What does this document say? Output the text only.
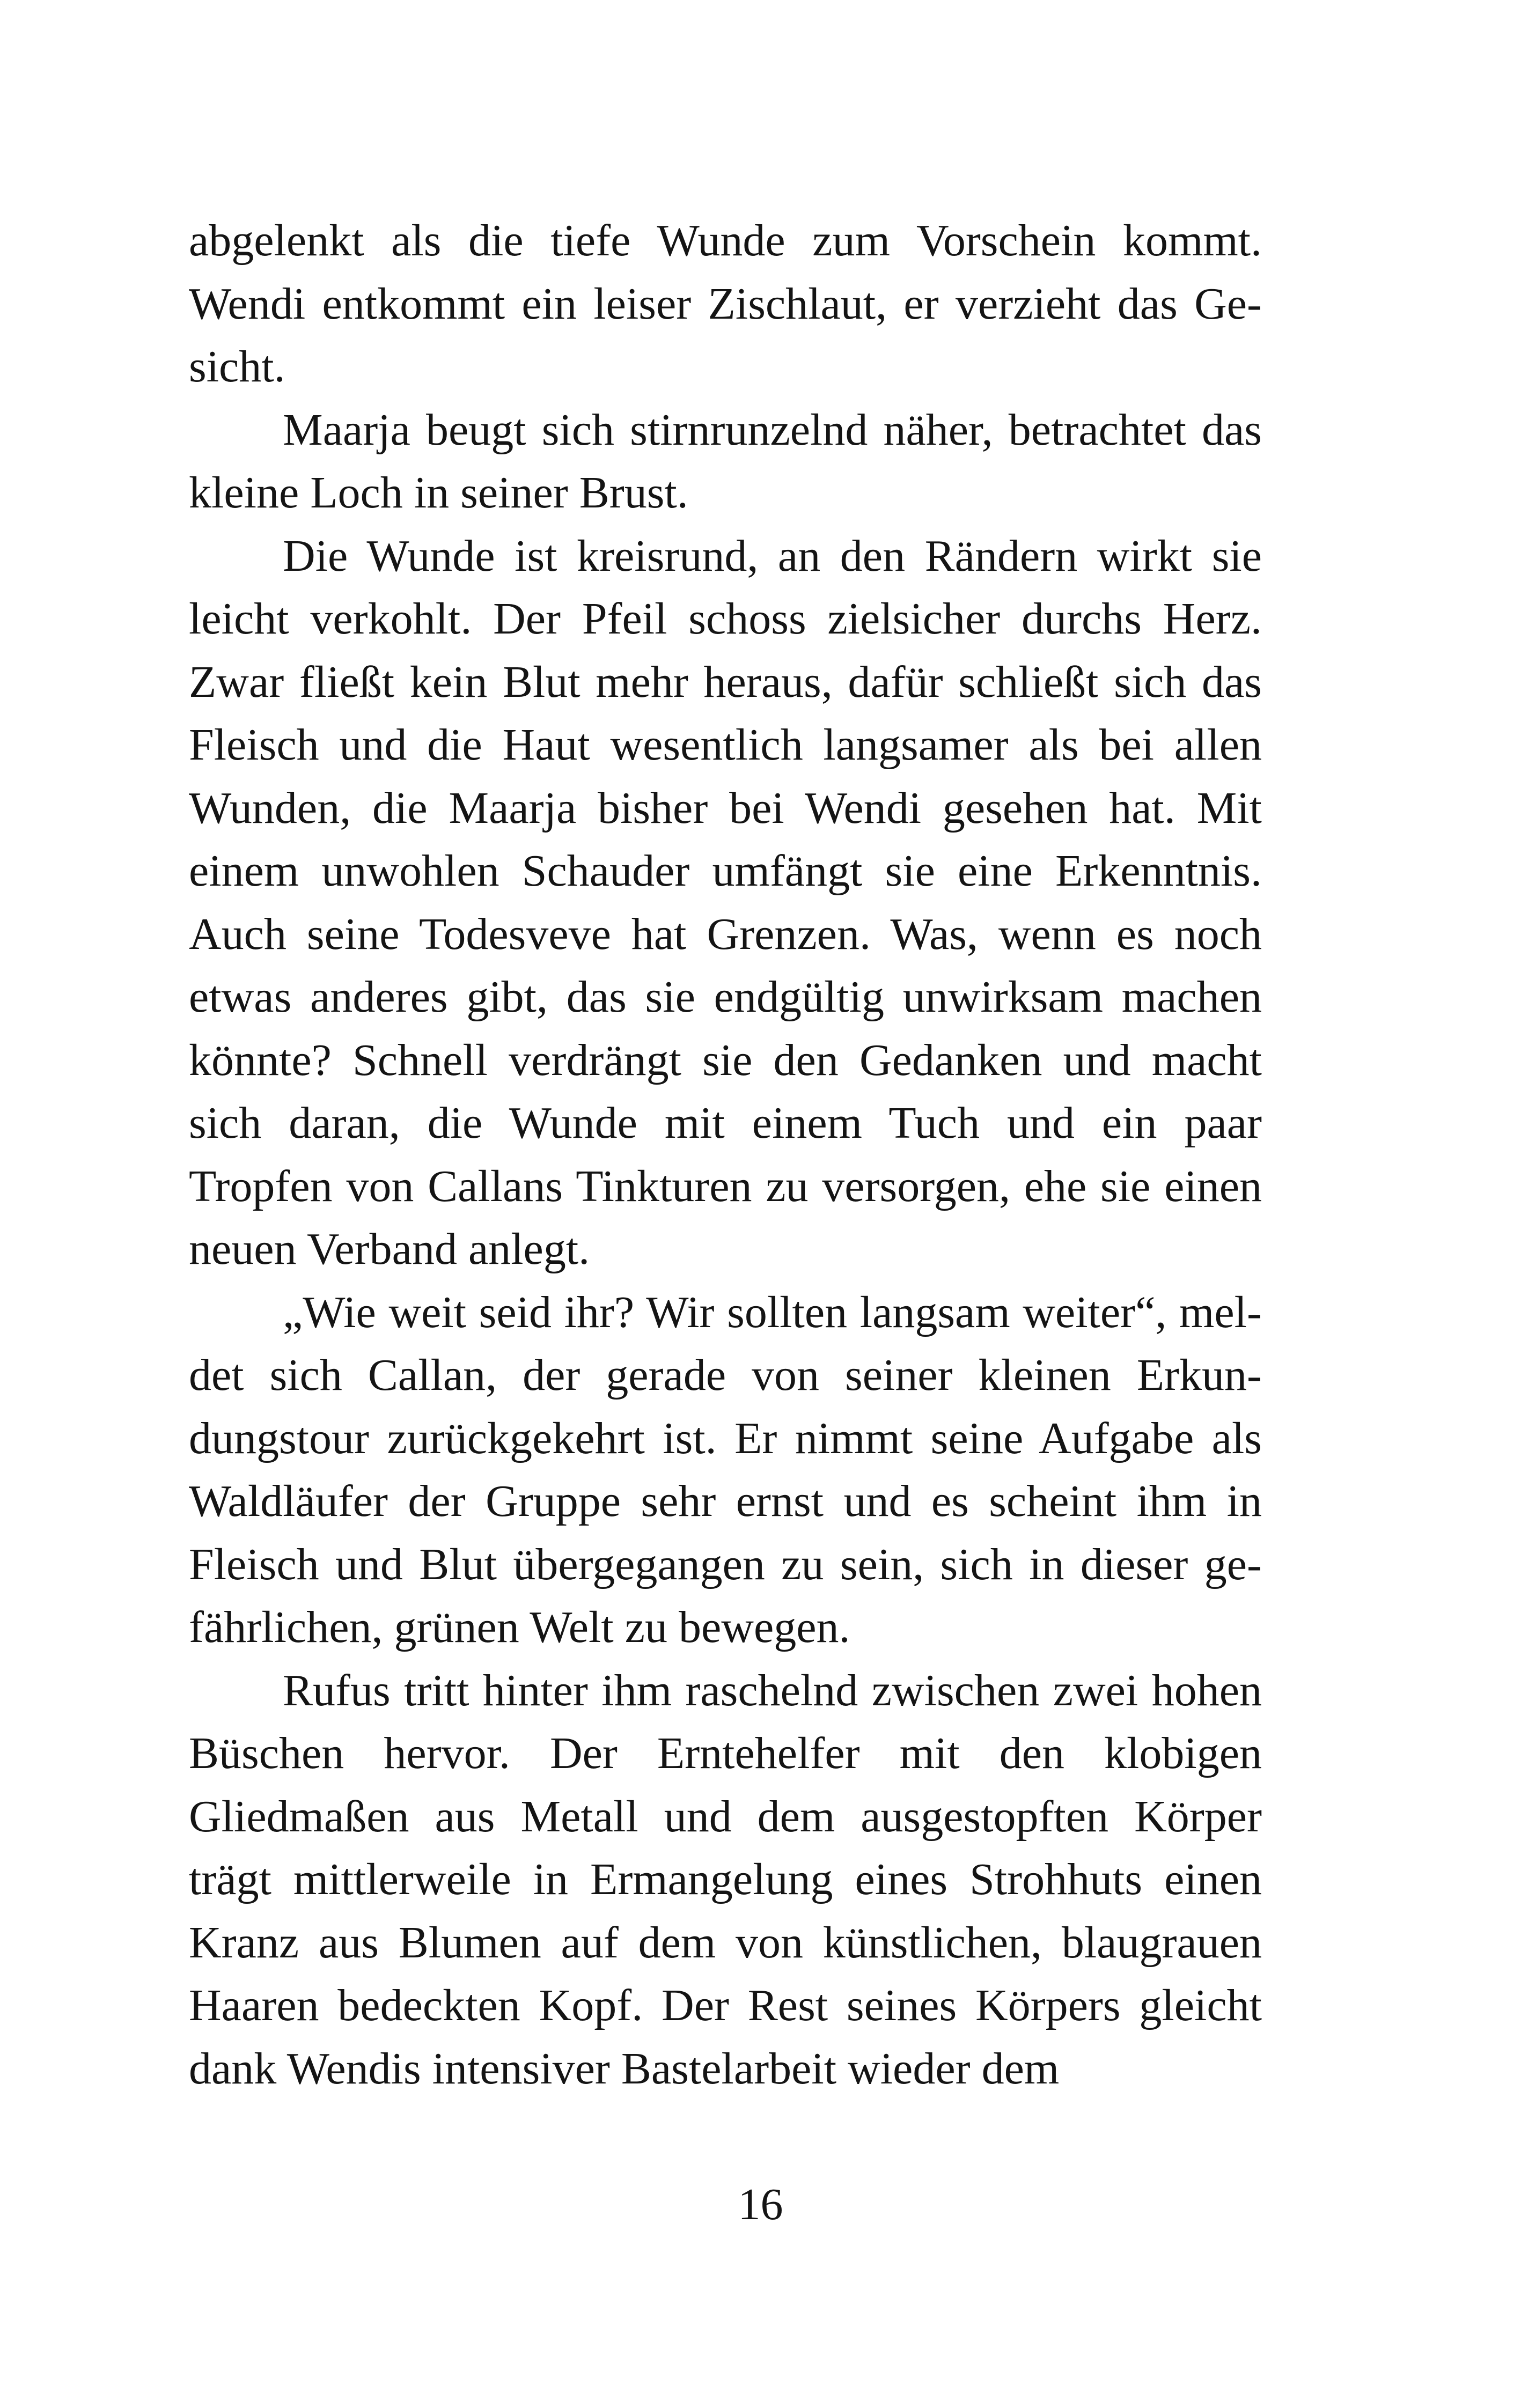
abgelenkt als die tiefe Wunde zum Vorschein kommt. Wendi entkommt ein leiser Zischlaut, er verzieht das Gesicht.

Maarja beugt sich stirnrunzelnd näher, betrachtet das kleine Loch in seiner Brust.

Die Wunde ist kreisrund, an den Rändern wirkt sie leicht verkohlt. Der Pfeil schoss zielsicher durchs Herz. Zwar fließt kein Blut mehr heraus, dafür schließt sich das Fleisch und die Haut wesentlich langsamer als bei allen Wunden, die Maarja bisher bei Wendi gesehen hat. Mit einem unwohlen Schauder umfängt sie eine Erkenntnis. Auch seine Todesveve hat Grenzen. Was, wenn es noch etwas anderes gibt, das sie endgültig unwirksam machen könnte? Schnell verdrängt sie den Gedanken und macht sich daran, die Wunde mit einem Tuch und ein paar Tropfen von Callans Tinkturen zu versorgen, ehe sie einen neuen Verband anlegt.

„Wie weit seid ihr? Wir sollten langsam weiter“, meldet sich Callan, der gerade von seiner kleinen Erkundungstour zurückgekehrt ist. Er nimmt seine Aufgabe als Waldläufer der Gruppe sehr ernst und es scheint ihm in Fleisch und Blut übergegangen zu sein, sich in dieser gefährlichen, grünen Welt zu bewegen.

Rufus tritt hinter ihm raschelnd zwischen zwei hohen Büschen hervor. Der Erntehelfer mit den klobigen Gliedmaßen aus Metall und dem ausgestopften Körper trägt mittlerweile in Ermangelung eines Strohhuts einen Kranz aus Blumen auf dem von künstlichen, blaugrauen Haaren bedeckten Kopf. Der Rest seines Körpers gleicht dank Wendis intensiver Bastelarbeit wieder dem

16
